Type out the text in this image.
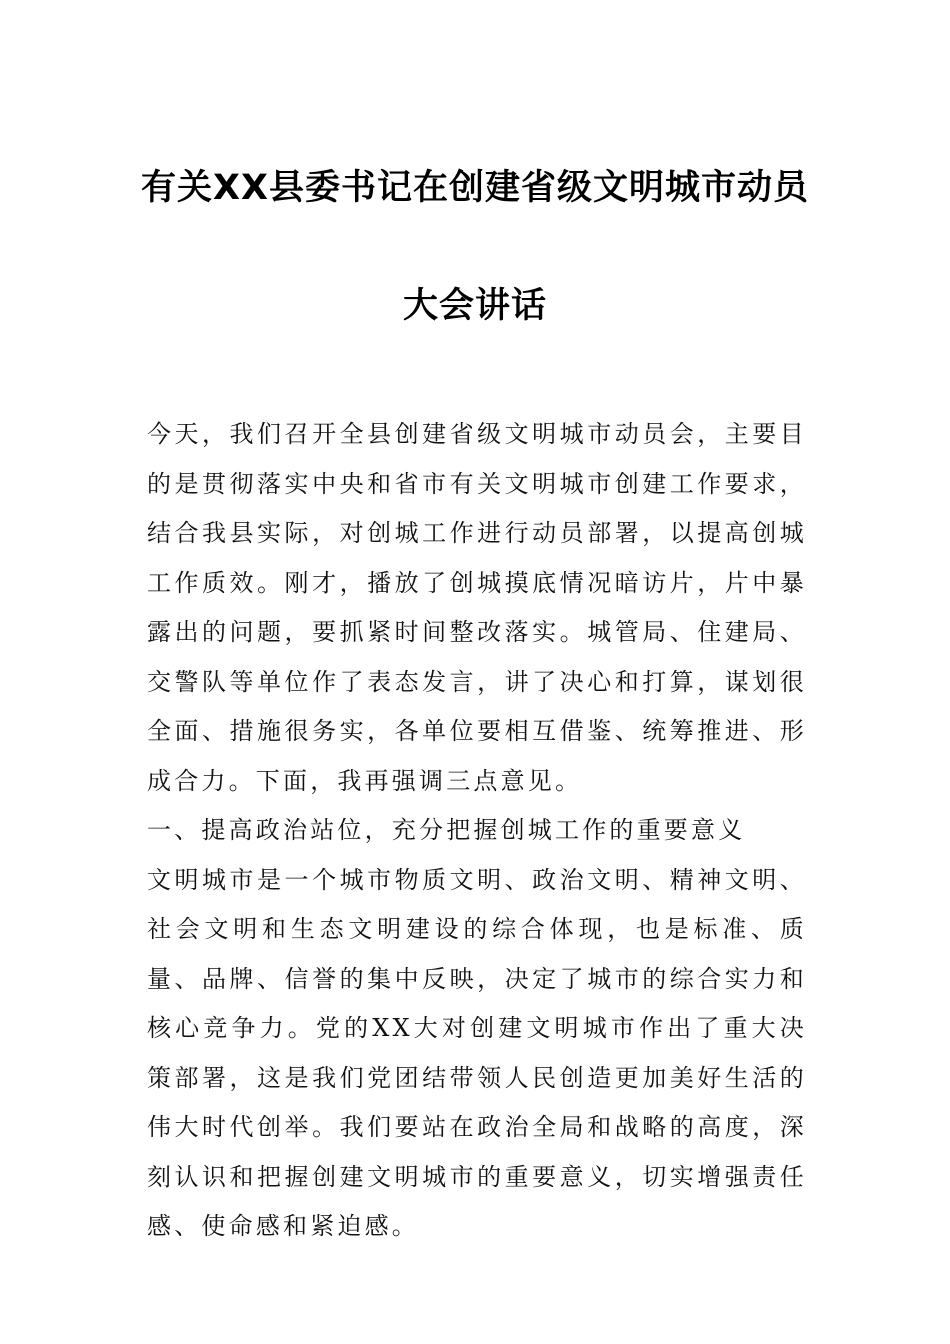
有关XX县委书记在创建省级文明城市动员
大会讲话

今天，我们召开全县创建省级文明城市动员会，主要目的是贯彻落实中央和省市有关文明城市创建工作要求，结合我县实际，对创城工作进行动员部署，以提高创城工作质效。刚才，播放了创城摸底情况暗访片，片中暴露出的问题，要抓紧时间整改落实。城管局、住建局、交警队等单位作了表态发言，讲了决心和打算，谋划很全面、措施很务实，各单位要相互借鉴、统筹推进、形成合力。下面，我再强调三点意见。

一、提高政治站位，充分把握创城工作的重要意义

文明城市是一个城市物质文明、政治文明、精神文明、社会文明和生态文明建设的综合体现，也是标准、质量、品牌、信誉的集中反映，决定了城市的综合实力和核心竞争力。党的XX大对创建文明城市作出了重大决策部署，这是我们党团结带领人民创造更加美好生活的伟大时代创举。我们要站在政治全局和战略的高度，深刻认识和把握创建文明城市的重要意义，切实增强责任感、使命感和紧迫感。
